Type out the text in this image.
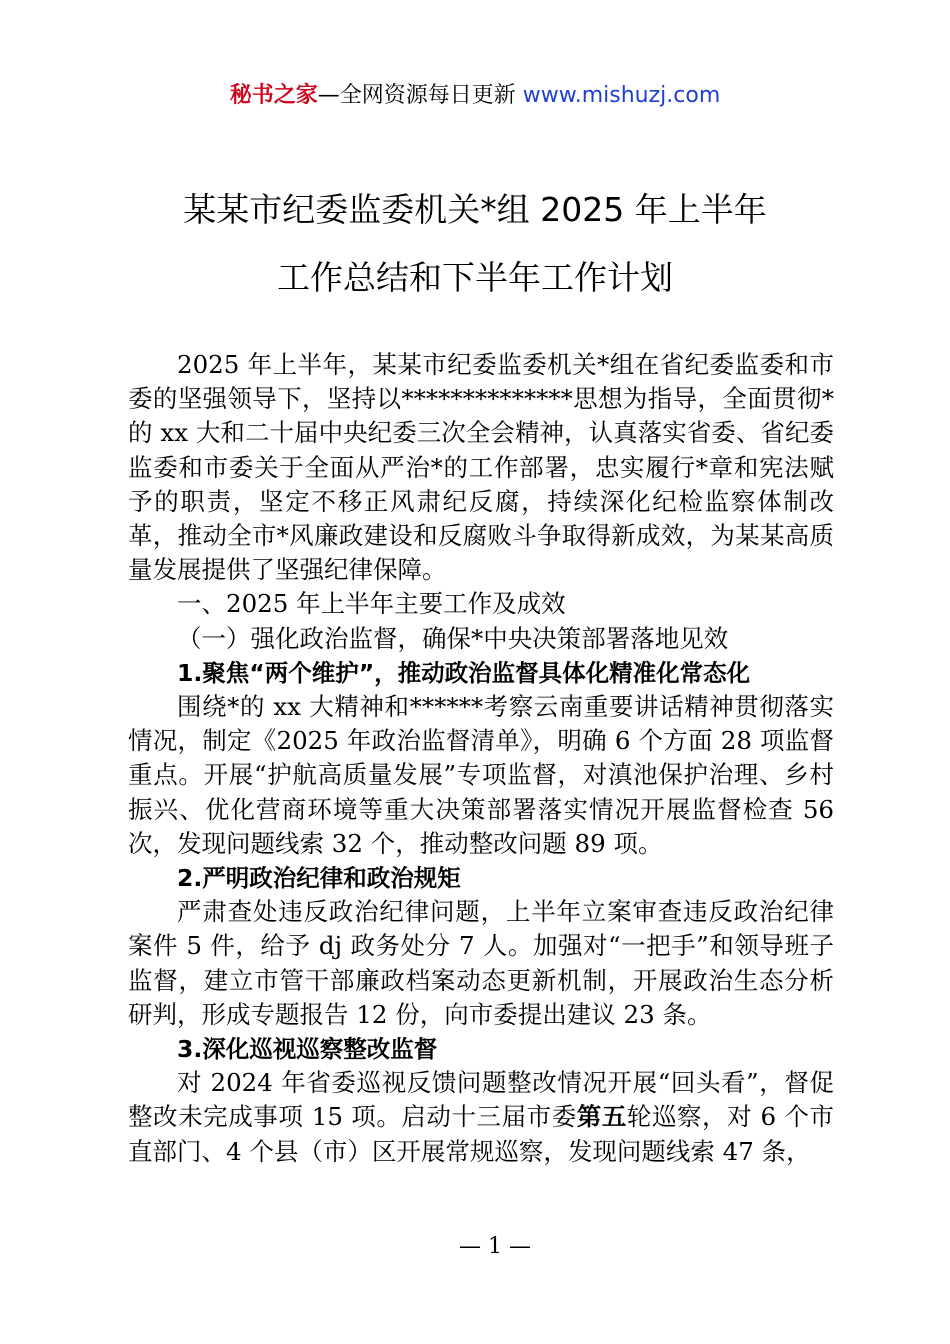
秘书之家—全网资源每日更新 www.mishuzj.com
某某市纪委监委机关*组 2025 年上半年
工作总结和下半年工作计划

2025 年上半年，某某市纪委监委机关*组在省纪委监委和市委的坚强领导下，坚持以**************思想为指导，全面贯彻*的 xx 大和二十届中央纪委三次全会精神，认真落实省委、省纪委监委和市委关于全面从严治*的工作部署，忠实履行*章和宪法赋予的职责，坚定不移正风肃纪反腐，持续深化纪检监察体制改革，推动全市*风廉政建设和反腐败斗争取得新成效，为某某高质量发展提供了坚强纪律保障。

一、2025 年上半年主要工作及成效

（一）强化政治监督，确保*中央决策部署落地见效

1.聚焦“两个维护”，推动政治监督具体化精准化常态化

围绕*的 xx 大精神和******考察云南重要讲话精神贯彻落实情况，制定《2025 年政治监督清单》，明确 6 个方面 28 项监督重点。开展“护航高质量发展”专项监督，对滇池保护治理、乡村振兴、优化营商环境等重大决策部署落实情况开展监督检查 56 次，发现问题线索 32 个，推动整改问题 89 项。

2.严明政治纪律和政治规矩

严肃查处违反政治纪律问题，上半年立案审查违反政治纪律案件 5 件，给予 dj 政务处分 7 人。加强对“一把手”和领导班子监督，建立市管干部廉政档案动态更新机制，开展政治生态分析研判，形成专题报告 12 份，向市委提出建议 23 条。

3.深化巡视巡察整改监督

对 2024 年省委巡视反馈问题整改情况开展“回头看”，督促整改未完成事项 15 项。启动十三届市委第五轮巡察，对 6 个市直部门、4 个县（市）区开展常规巡察，发现问题线索 47 条，

— 1 —
